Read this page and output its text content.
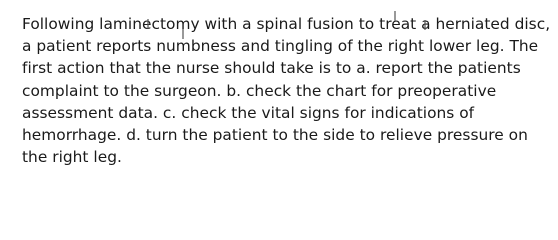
Following laminectomy with a spinal fusion to treat a herniated disc, a patient reports numbness and tingling of the right lower leg. The first action that the nurse should take is to a. report the patients complaint to the surgeon. b. check the chart for preoperative assessment data. c. check the vital signs for indications of hemorrhage. d. turn the patient to the side to relieve pressure on the right leg.
